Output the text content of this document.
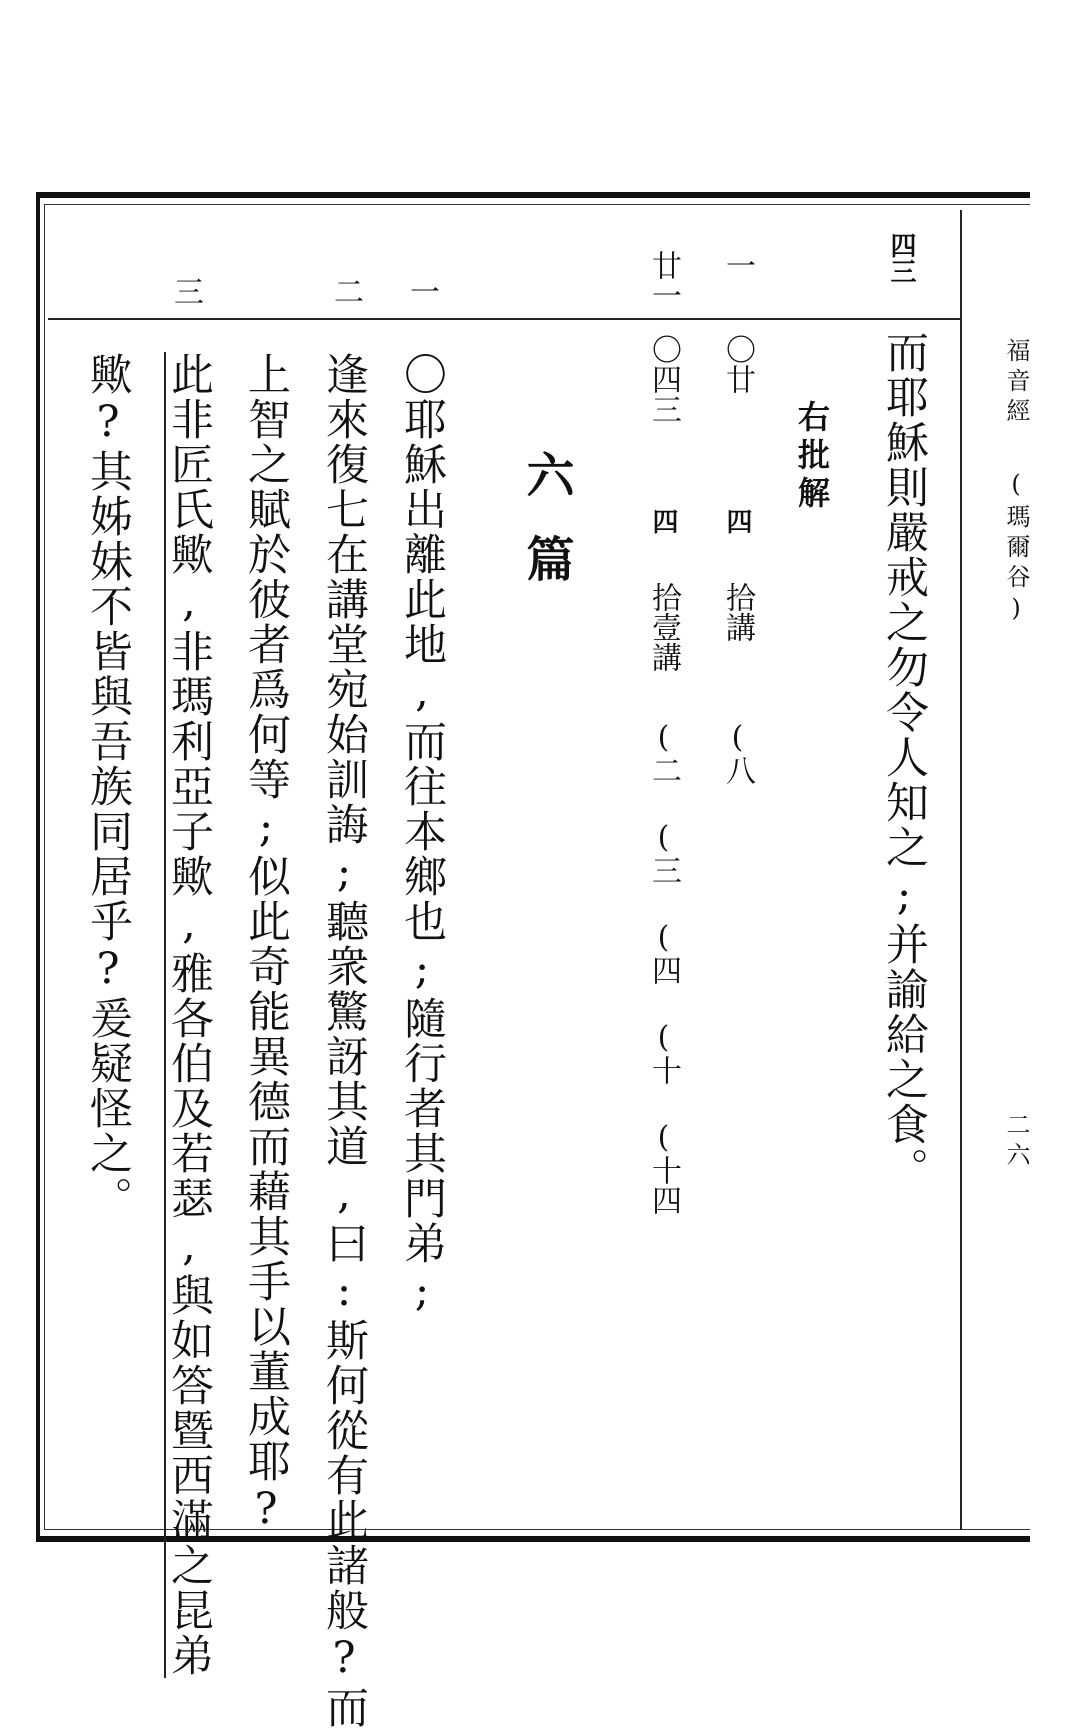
福音經
(瑪爾谷)
二六
四三
而耶穌則嚴戒之勿令人知之;并諭給之食。
右批解
一
〇廿
四
拾講
(八
廿一
〇四三
四
拾壹講
(二 (三 (四 (十 (十四
六篇
一
二
三
〇耶穌出離此地,而往本鄉也;隨行者其門弟;
逢來復七在講堂宛始訓誨;聽衆驚訝其道,曰:斯何從有此諸般?而
上智之賦於彼者爲何等;似此奇能異德而藉其手以董成耶?
此非匠氏歟,非瑪利亞子歟,雅各伯及若瑟,與如答暨西滿之昆弟
歟?其姊妹不皆與吾族同居乎?爰疑怪之。
